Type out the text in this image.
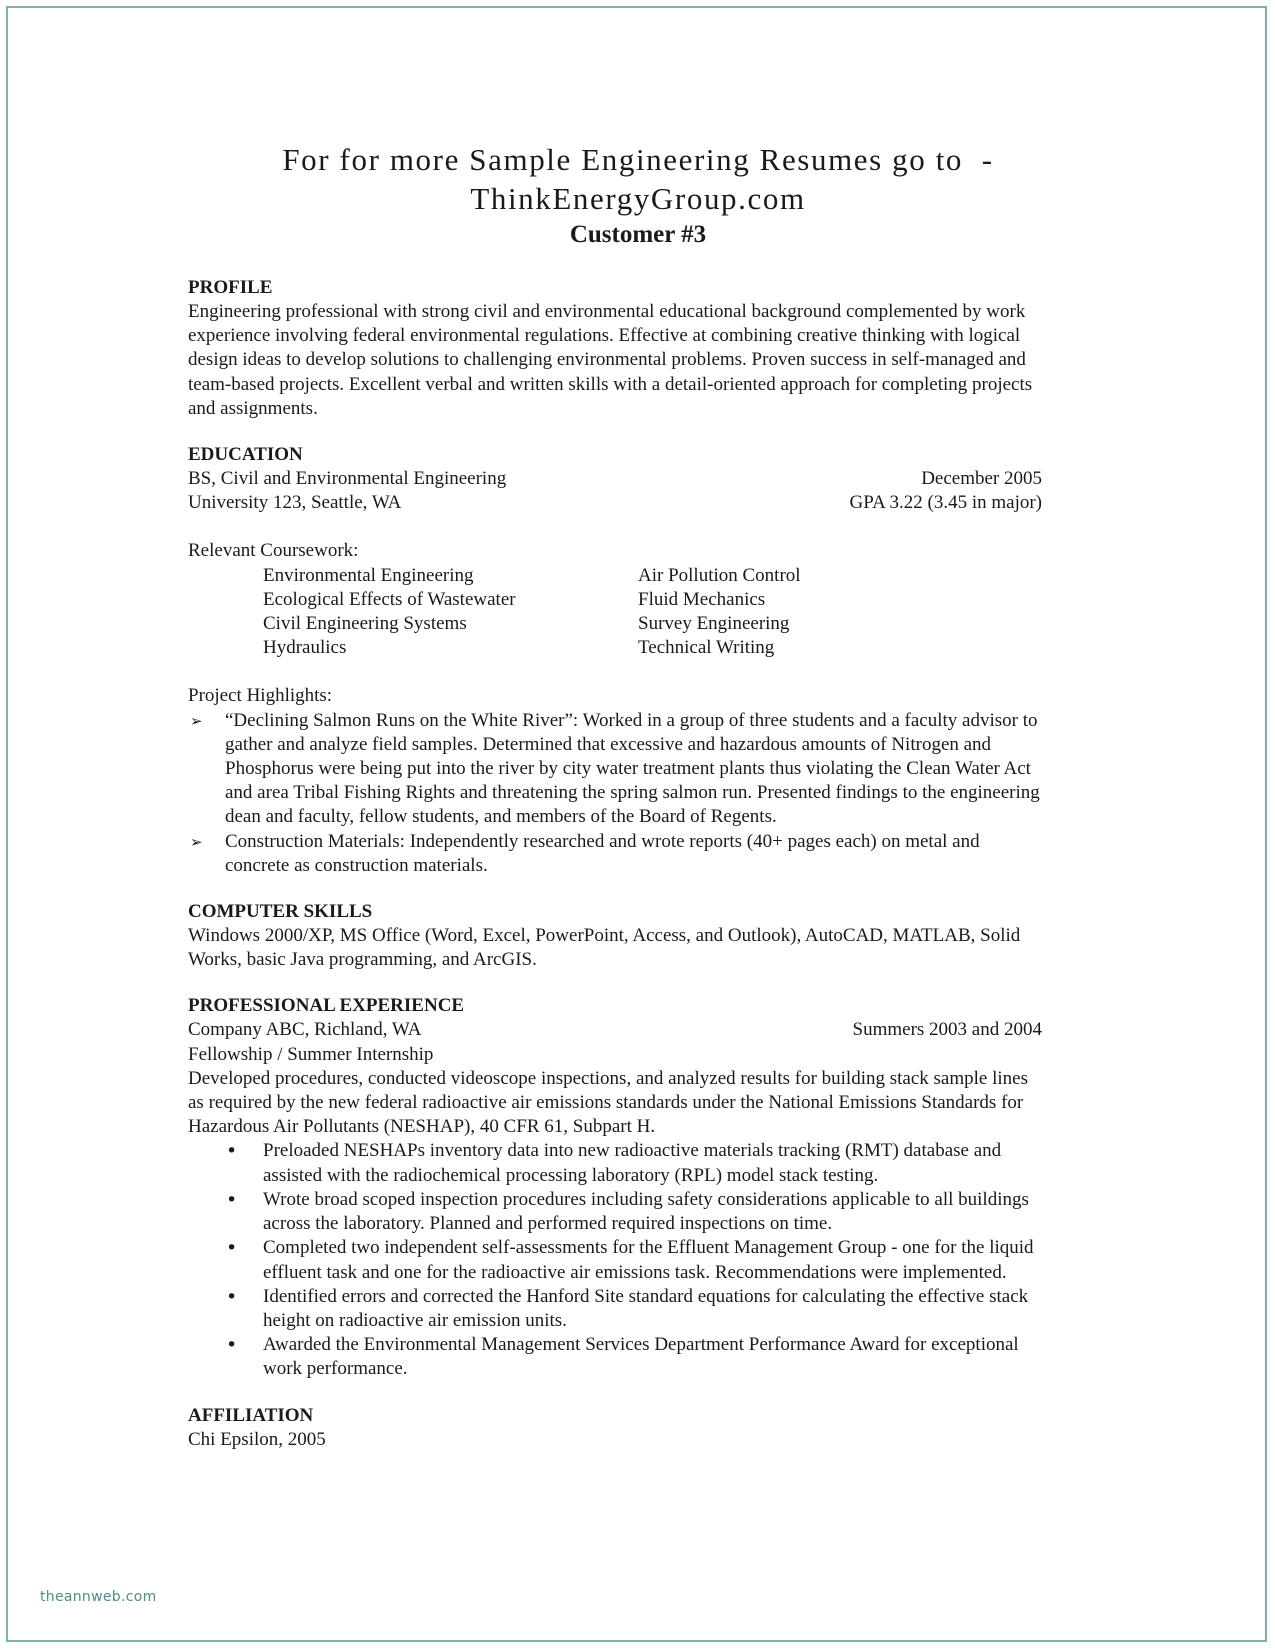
For for more Sample Engineering Resumes go to  -
ThinkEnergyGroup.com
Customer #3
PROFILE

Engineering professional with strong civil and environmental educational background complemented by work experience involving federal environmental regulations. Effective at combining creative thinking with logical design ideas to develop solutions to challenging environmental problems. Proven success in self-managed and team-based projects. Excellent verbal and written skills with a detail-oriented approach for completing projects and assignments.

EDUCATION
BS, Civil and Environmental Engineering	December 2005
University 123, Seattle, WA	GPA 3.22 (3.45 in major)
Relevant Coursework:
Environmental Engineering	Air Pollution Control
Ecological Effects of Wastewater	Fluid Mechanics
Civil Engineering Systems	Survey Engineering
Hydraulics	Technical Writing
Project Highlights:
➢ “Declining Salmon Runs on the White River”: Worked in a group of three students and a faculty advisor to gather and analyze field samples. Determined that excessive and hazardous amounts of Nitrogen and Phosphorus were being put into the river by city water treatment plants thus violating the Clean Water Act and area Tribal Fishing Rights and threatening the spring salmon run. Presented findings to the engineering dean and faculty, fellow students, and members of the Board of Regents.
➢ Construction Materials: Independently researched and wrote reports (40+ pages each) on metal and concrete as construction materials.
COMPUTER SKILLS

Windows 2000/XP, MS Office (Word, Excel, PowerPoint, Access, and Outlook), AutoCAD, MATLAB, Solid Works, basic Java programming, and ArcGIS.

PROFESSIONAL EXPERIENCE
Company ABC, Richland, WA	Summers 2003 and 2004
Fellowship / Summer Internship

Developed procedures, conducted videoscope inspections, and analyzed results for building stack sample lines as required by the new federal radioactive air emissions standards under the National Emissions Standards for Hazardous Air Pollutants (NESHAP), 40 CFR 61, Subpart H.

• Preloaded NESHAPs inventory data into new radioactive materials tracking (RMT) database and assisted with the radiochemical processing laboratory (RPL) model stack testing.
• Wrote broad scoped inspection procedures including safety considerations applicable to all buildings across the laboratory. Planned and performed required inspections on time.
• Completed two independent self-assessments for the Effluent Management Group - one for the liquid effluent task and one for the radioactive air emissions task. Recommendations were implemented.
• Identified errors and corrected the Hanford Site standard equations for calculating the effective stack height on radioactive air emission units.
• Awarded the Environmental Management Services Department Performance Award for exceptional work performance.
AFFILIATION
Chi Epsilon, 2005
theannweb.com
